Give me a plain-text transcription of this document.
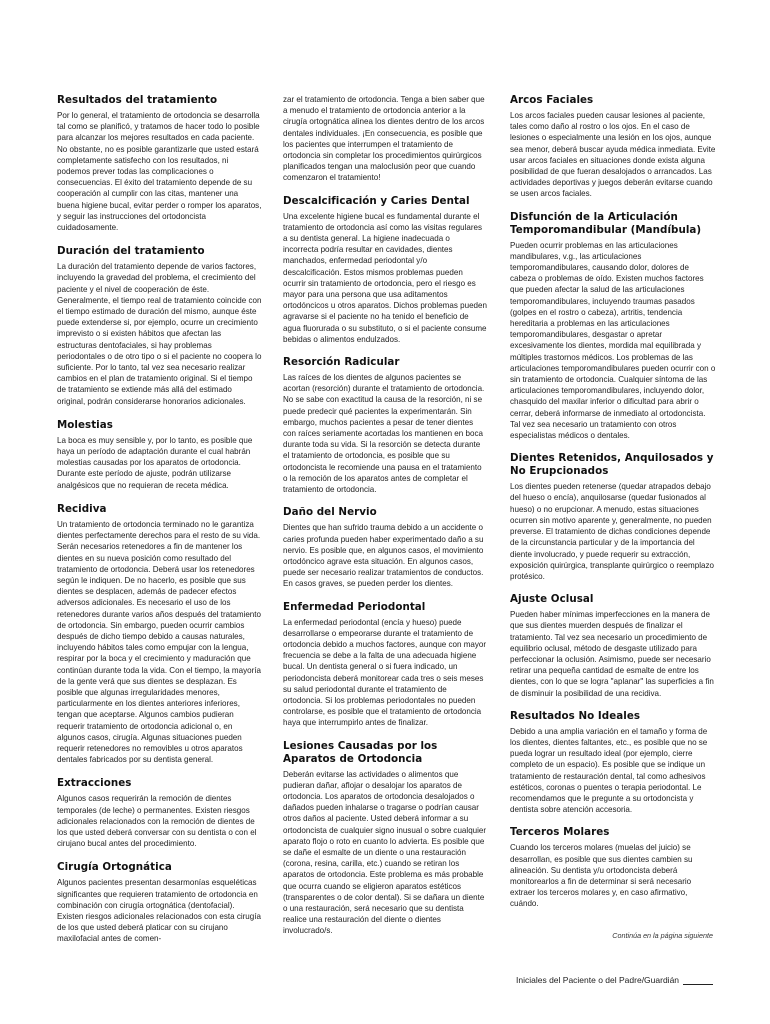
Resultados del tratamiento

Por lo general, el tratamiento de ortodoncia se desarrolla tal como se planificó, y tratamos de hacer todo lo posible para alcanzar los mejores resultados en cada paciente. No obstante, no es posible garantizarle que usted estará completamente satisfecho con los resultados, ni podemos prever todas las complicaciones o consecuencias. El éxito del tratamiento depende de su cooperación al cumplir con las citas, mantener una buena higiene bucal, evitar perder o romper los aparatos, y seguir las instrucciones del ortodoncista cuidadosamente.

Duración del tratamiento

La duración del tratamiento depende de varios factores, incluyendo la gravedad del problema, el crecimiento del paciente y el nivel de cooperación de éste. Generalmente, el tiempo real de tratamiento coincide con el tiempo estimado de duración del mismo, aunque éste puede extenderse si, por ejemplo, ocurre un crecimiento imprevisto o si existen hábitos que afectan las estructuras dentofaciales, si hay problemas periodontales o de otro tipo o si el paciente no coopera lo suficiente. Por lo tanto, tal vez sea necesario realizar cambios en el plan de tratamiento original. Si el tiempo de tratamiento se extiende más allá del estimado original, podrán considerarse honorarios adicionales.

Molestias

La boca es muy sensible y, por lo tanto, es posible que haya un período de adaptación durante el cual habrán molestias causadas por los aparatos de ortodoncia. Durante este período de ajuste, podrán utilizarse analgésicos que no requieran de receta médica.

Recidiva

Un tratamiento de ortodoncia terminado no le garantiza dientes perfectamente derechos para el resto de su vida. Serán necesarios retenedores a fin de mantener los dientes en su nueva posición como resultado del tratamiento de ortodoncia. Deberá usar los retenedores según le indiquen. De no hacerlo, es posible que sus dientes se desplacen, además de padecer efectos adversos adicionales. Es necesario el uso de los retenedores durante varios años después del tratamiento de ortodoncia. Sin embargo, pueden ocurrir cambios después de dicho tiempo debido a causas naturales, incluyendo hábitos tales como empujar con la lengua, respirar por la boca y el crecimiento y maduración que continúan durante toda la vida. Con el tiempo, la mayoría de la gente verá que sus dientes se desplazan. Es posible que algunas irregularidades menores, particularmente en los dientes anteriores inferiores, tengan que aceptarse. Algunos cambios pudieran requerir tratamiento de ortodoncia adicional o, en algunos casos, cirugía. Algunas situaciones pueden requerir retenedores no removibles u otros aparatos dentales fabricados por su dentista general.

Extracciones

Algunos casos requerirán la remoción de dientes temporales (de leche) o permanentes. Existen riesgos adicionales relacionados con la remoción de dientes de los que usted deberá conversar con su dentista o con el cirujano bucal antes del procedimiento.

Cirugía Ortognática

Algunos pacientes presentan desarmonías esqueléticas significantes que requieren tratamiento de ortodoncia en combinación con cirugía ortognática (dentofacial). Existen riesgos adicionales relacionados con esta cirugía de los que usted deberá platicar con su cirujano maxilofacial antes de comen-

zar el tratamiento de ortodoncia. Tenga a bien saber que a menudo el tratamiento de ortodoncia anterior a la cirugía ortognática alinea los dientes dentro de los arcos dentales individuales. ¡En consecuencia, es posible que los pacientes que interrumpen el tratamiento de ortodoncia sin completar los procedimientos quirúrgicos planificados tengan una maloclusión peor que cuando comenzaron el tratamiento!

Descalcificación y Caries Dental

Una excelente higiene bucal es fundamental durante el tratamiento de ortodoncia así como las visitas regulares a su dentista general. La higiene inadecuada o incorrecta podría resultar en cavidades, dientes manchados, enfermedad periodontal y/o descalcificación. Estos mismos problemas pueden ocurrir sin tratamiento de ortodoncia, pero el riesgo es mayor para una persona que usa aditamentos ortodóncicos u otros aparatos. Dichos problemas pueden agravarse si el paciente no ha tenido el beneficio de agua fluorurada o su substituto, o si el paciente consume bebidas o alimentos endulzados.

Resorción Radicular

Las raíces de los dientes de algunos pacientes se acortan (resorción) durante el tratamiento de ortodoncia. No se sabe con exactitud la causa de la resorción, ni se puede predecir qué pacientes la experimentarán. Sin embargo, muchos pacientes a pesar de tener dientes con raíces seriamente acortadas los mantienen en boca durante toda su vida. Si la resorción se detecta durante el tratamiento de ortodoncia, es posible que su ortodoncista le recomiende una pausa en el tratamiento o la remoción de los aparatos antes de completar el tratamiento de ortodoncia.

Daño del Nervio

Dientes que han sufrido trauma debido a un accidente o caries profunda pueden haber experimentado daño a su nervio. Es posible que, en algunos casos, el movimiento ortodóncico agrave esta situación. En algunos casos, puede ser necesario realizar tratamientos de conductos. En casos graves, se pueden perder los dientes.

Enfermedad Periodontal

La enfermedad periodontal (encía y hueso) puede desarrollarse o empeorarse durante el tratamiento de ortodoncia debido a muchos factores, aunque con mayor frecuencia se debe a la falta de una adecuada higiene bucal. Un dentista general o si fuera indicado, un periodoncista deberá monitorear cada tres o seis meses su salud periodontal durante el tratamiento de ortodoncia. Si los problemas periodontales no pueden controlarse, es posible que el tratamiento de ortodoncia haya que interrumpirlo antes de finalizar.

Lesiones Causadas por los Aparatos de Ortodoncia

Deberán evitarse las actividades o alimentos que pudieran dañar, aflojar o desalojar los aparatos de ortodoncia. Los aparatos de ortodoncia desalojados o dañados pueden inhalarse o tragarse o podrían causar otros daños al paciente. Usted deberá informar a su ortodoncista de cualquier signo inusual o sobre cualquier aparato flojo o roto en cuanto lo advierta. Es posible que se dañe el esmalte de un diente o una restauración (corona, resina, carilla, etc.) cuando se retiran los aparatos de ortodoncia. Este problema es más probable que ocurra cuando se eligieron aparatos estéticos (transparentes o de color dental). Si se dañara un diente o una restauración, será necesario que su dentista realice una restauración del diente o dientes involucrado/s.

Arcos Faciales

Los arcos faciales pueden causar lesiones al paciente, tales como daño al rostro o los ojos. En el caso de lesiones o especialmente una lesión en los ojos, aunque sea menor, deberá buscar ayuda médica inmediata. Evite usar arcos faciales en situaciones donde exista alguna posibilidad de que fueran desalojados o arrancados. Las actividades deportivas y juegos deberán evitarse cuando se usen arcos faciales.

Disfunción de la Articulación Temporomandibular (Mandíbula)

Pueden ocurrir problemas en las articulaciones mandibulares, v.g., las articulaciones temporomandibulares, causando dolor, dolores de cabeza o problemas de oído. Existen muchos factores que pueden afectar la salud de las articulaciones temporomandibulares, incluyendo traumas pasados (golpes en el rostro o cabeza), artritis, tendencia hereditaria a problemas en las articulaciones temporomandibulares, desgastar o apretar excesivamente los dientes, mordida mal equilibrada y múltiples trastornos médicos. Los problemas de las articulaciones temporomandibulares pueden ocurrir con o sin tratamiento de ortodoncia. Cualquier síntoma de las articulaciones temporomandibulares, incluyendo dolor, chasquido del maxilar inferior o dificultad para abrir o cerrar, deberá informarse de inmediato al ortodoncista. Tal vez sea necesario un tratamiento con otros especialistas médicos o dentales.

Dientes Retenidos, Anquilosados y No Erupcionados

Los dientes pueden retenerse (quedar atrapados debajo del hueso o encía), anquilosarse (quedar fusionados al hueso) o no erupcionar. A menudo, estas situaciones ocurren sin motivo aparente y, generalmente, no pueden preverse. El tratamiento de dichas condiciones depende de la circunstancia particular y de la importancia del diente involucrado, y puede requerir su extracción, exposición quirúrgica, transplante quirúrgico o reemplazo protésico.

Ajuste Oclusal

Pueden haber mínimas imperfecciones en la manera de que sus dientes muerden después de finalizar el tratamiento. Tal vez sea necesario un procedimiento de equilibrio oclusal, método de desgaste utilizado para perfeccionar la oclusión. Asimismo, puede ser necesario retirar una pequeña cantidad de esmalte de entre los dientes, con lo que se logra "aplanar" las superficies a fin de disminuir la posibilidad de una recidiva.

Resultados No Ideales

Debido a una amplia variación en el tamaño y forma de los dientes, dientes faltantes, etc., es posible que no se pueda lograr un resultado ideal (por ejemplo, cierre completo de un espacio). Es posible que se indique un tratamiento de restauración dental, tal como adhesivos estéticos, coronas o puentes o terapia periodontal. Le recomendamos que le pregunte a su ortodoncista y dentista sobre atención accesoria.

Terceros Molares

Cuando los terceros molares (muelas del juicio) se desarrollan, es posible que sus dientes cambien su alineación. Su dentista y/u ortodoncista deberá monitorearlos a fin de determinar si será necesario extraer los terceros molares y, en caso afirmativo, cuándo.

Continúa en la página siguiente
Iniciales del Paciente o del Padre/Guardián
